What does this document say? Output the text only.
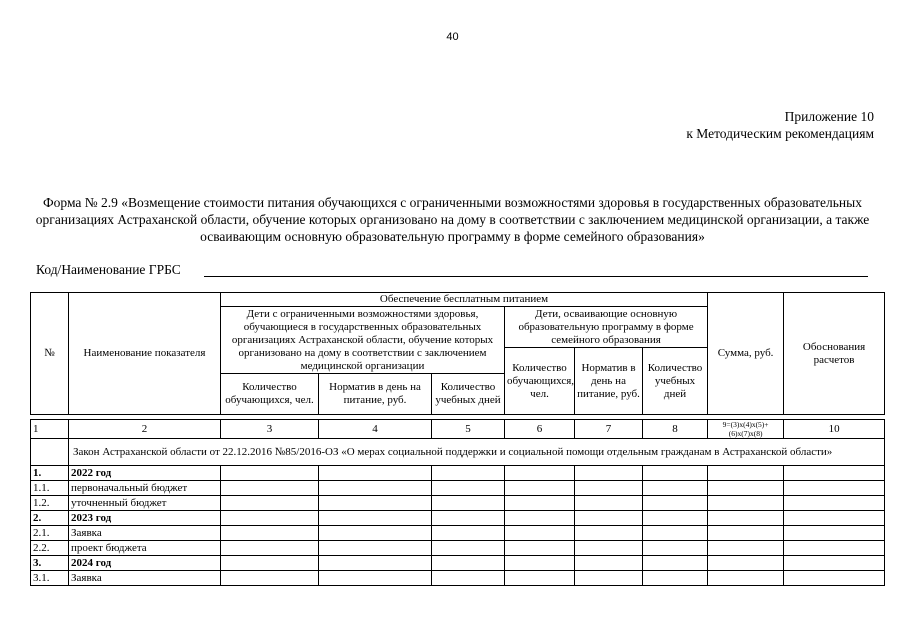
40
Приложение 10
к Методическим рекомендациям
Форма № 2.9 «Возмещение стоимости питания обучающихся с ограниченными возможностями здоровья в государственных образовательных организациях Астраханской области, обучение которых организовано на дому в соответствии с заключением медицинской организации, а также осваивающим основную образовательную программу в форме семейного образования»
Код/Наименование ГРБС
№	Наименование показателя	Обеспечение бесплатным питанием						Сумма, руб.	Обоснования расчетов
		Дети с ограниченными возможностями здоровья, обучающиеся в государственных образовательных организациях Астраханской области, обучение которых организовано на дому в соответствии с заключением медицинской организации			Дети, осваивающие основную образовательную программу в форме семейного образования				
					Количество обучающихся, чел.	Норматив в день на питание, руб.	Количество учебных дней		
		Количество обучающихся, чел.	Норматив в день на питание, руб.	Количество учебных дней					

1	2	3	4	5	6	7	8	9=(3)х(4)х(5)+(6)х(7)х(8)	10
	Закон Астраханской области от 22.12.2016 №85/2016-ОЗ «О мерах социальной поддержки и социальной помощи отдельным гражданам в Астраханской области»								
1.	2022 год								
1.1.	первоначальный бюджет								
1.2.	уточненный бюджет								
2.	2023 год								
2.1.	Заявка								
2.2.	проект бюджета								
3.	2024 год								
3.1.	Заявка								
